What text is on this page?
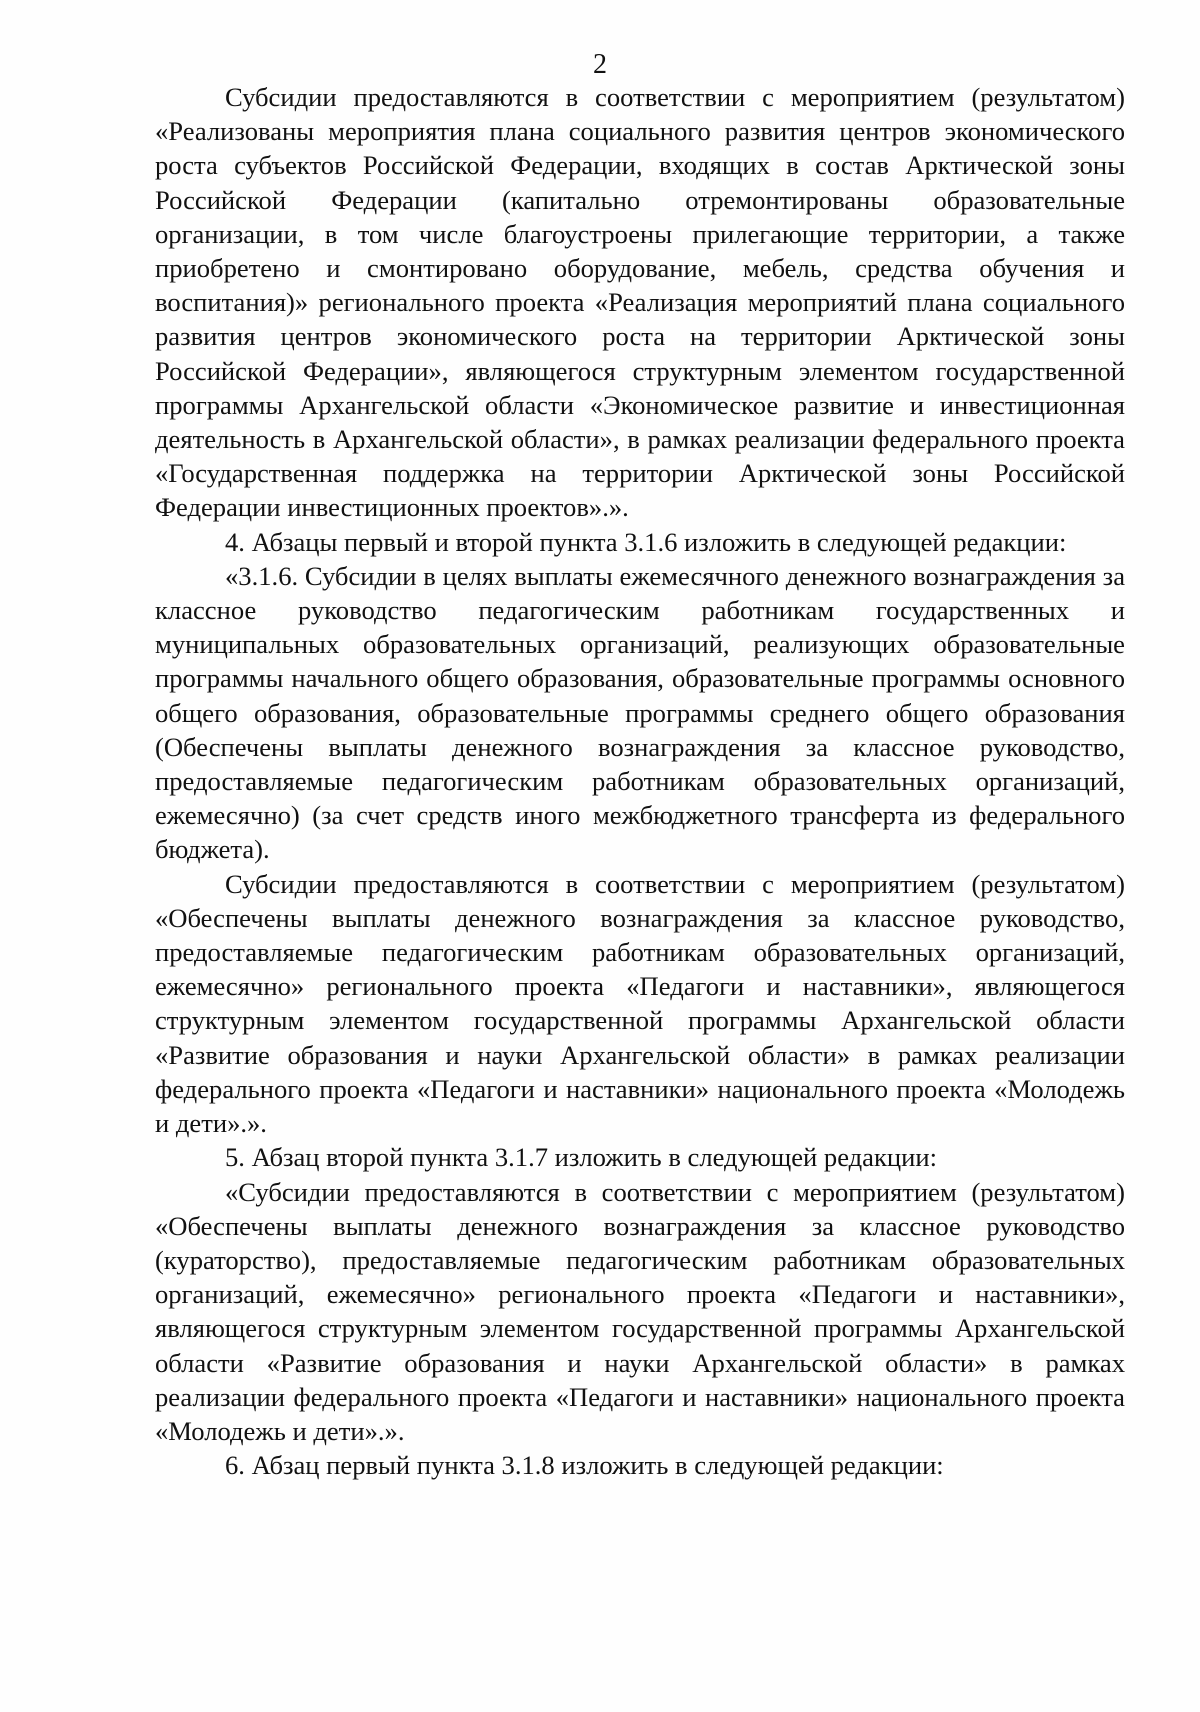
2

Субсидии предоставляются в соответствии с мероприятием (результатом) «Реализованы мероприятия плана социального развития центров экономического роста субъектов Российской Федерации, входящих в состав Арктической зоны Российской Федерации (капитально отремонтированы образовательные организации, в том числе благоустроены прилегающие территории, а также приобретено и смонтировано оборудование, мебель, средства обучения и воспитания)» регионального проекта «Реализация мероприятий плана социального развития центров экономического роста на территории Арктической зоны Российской Федерации», являющегося структурным элементом государственной программы Архангельской области «Экономическое развитие и инвестиционная деятельность в Архангельской области», в рамках реализации федерального проекта «Государственная поддержка на территории Арктической зоны Российской Федерации инвестиционных проектов».».

4. Абзацы первый и второй пункта 3.1.6 изложить в следующей редакции:

«3.1.6. Субсидии в целях выплаты ежемесячного денежного вознаграждения за классное руководство педагогическим работникам государственных и муниципальных образовательных организаций, реализующих образовательные программы начального общего образования, образовательные программы основного общего образования, образовательные программы среднего общего образования (Обеспечены выплаты денежного вознаграждения за классное руководство, предоставляемые педагогическим работникам образовательных организаций, ежемесячно) (за счет средств иного межбюджетного трансферта из федерального бюджета).

Субсидии предоставляются в соответствии с мероприятием (результатом) «Обеспечены выплаты денежного вознаграждения за классное руководство, предоставляемые педагогическим работникам образовательных организаций, ежемесячно» регионального проекта «Педагоги и наставники», являющегося структурным элементом государственной программы Архангельской области «Развитие образования и науки Архангельской области» в рамках реализации федерального проекта «Педагоги и наставники» национального проекта «Молодежь и дети».».

5. Абзац второй пункта 3.1.7 изложить в следующей редакции:

«Субсидии предоставляются в соответствии с мероприятием (результатом) «Обеспечены выплаты денежного вознаграждения за классное руководство (кураторство), предоставляемые педагогическим работникам образовательных организаций, ежемесячно» регионального проекта «Педагоги и наставники», являющегося структурным элементом государственной программы Архангельской области «Развитие образования и науки Архангельской области» в рамках реализации федерального проекта «Педагоги и наставники» национального проекта «Молодежь и дети».».

6. Абзац первый пункта 3.1.8 изложить в следующей редакции:
